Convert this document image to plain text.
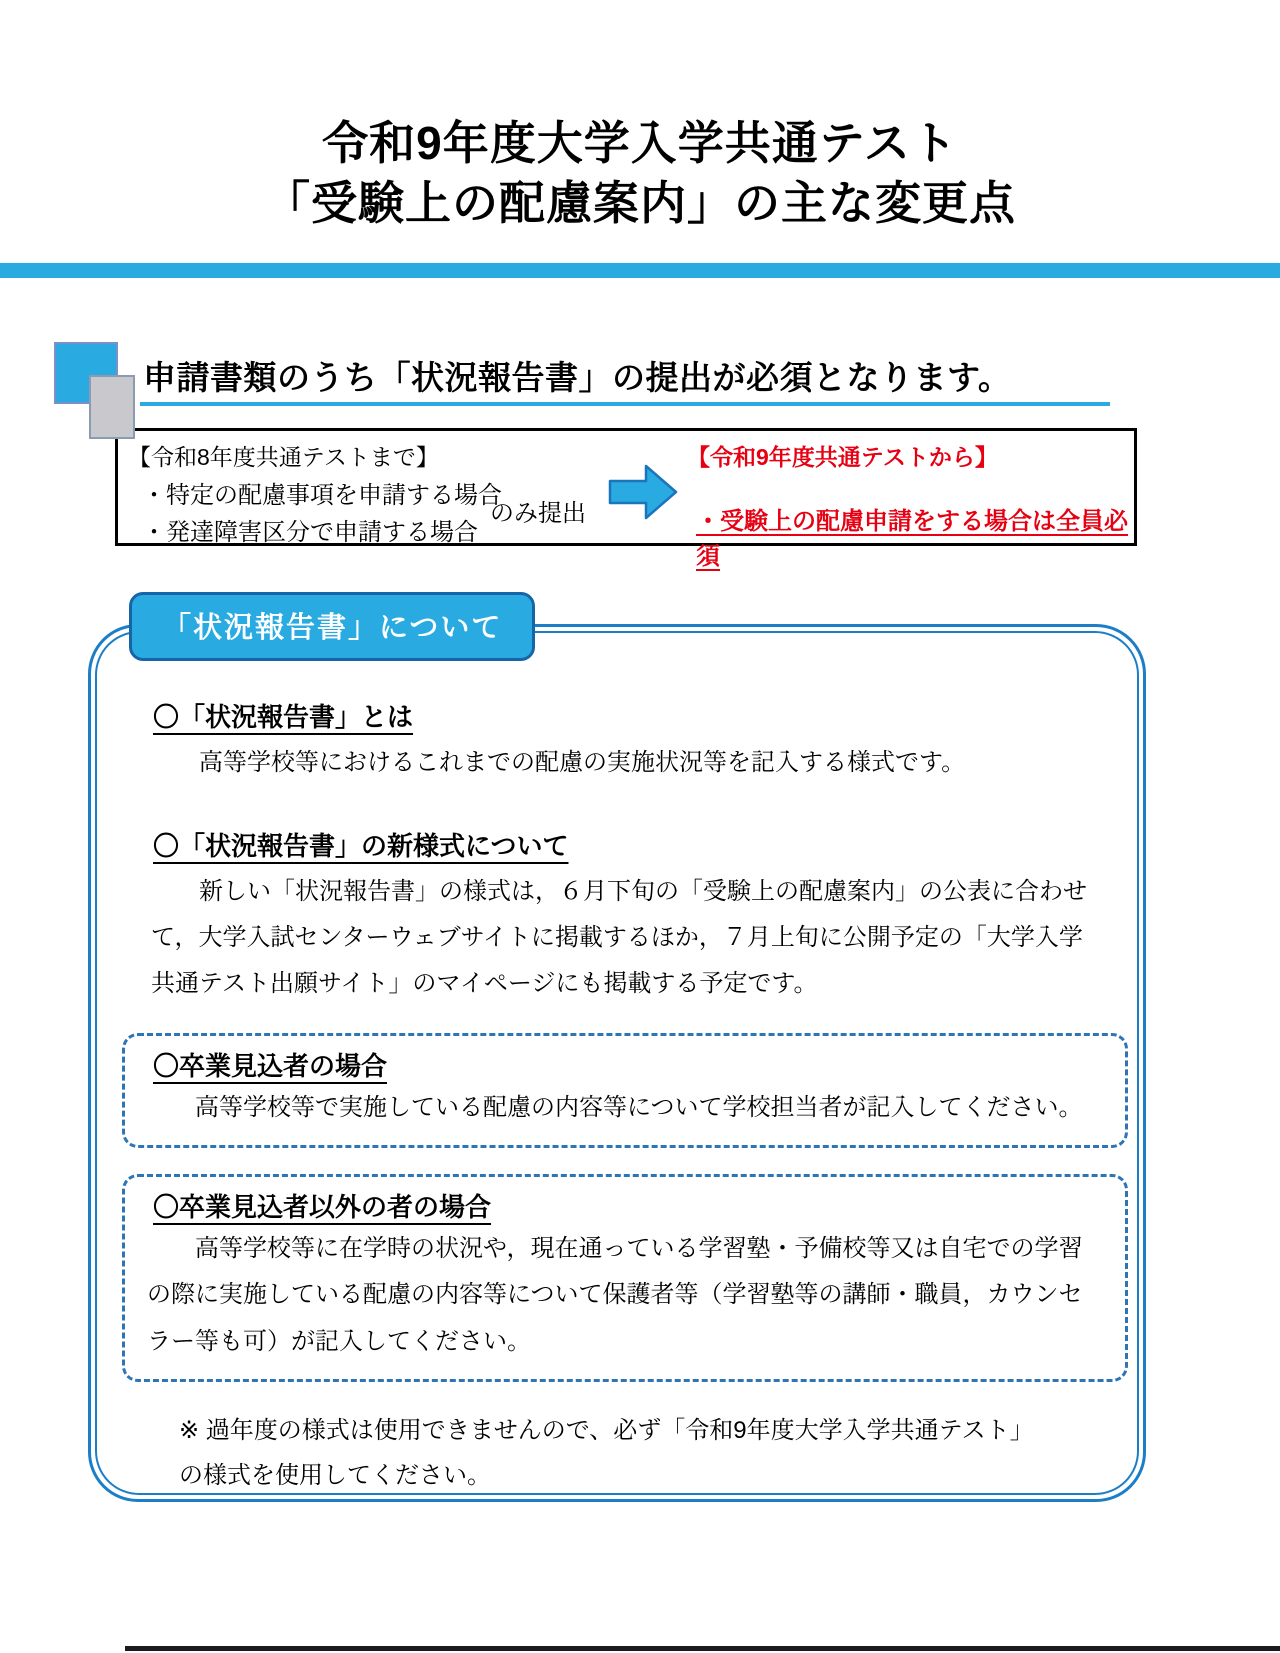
令和9年度大学入学共通テスト
「受験上の配慮案内」の主な変更点
申請書類のうち「状況報告書」の提出が必須となります。
【令和8年度共通テストまで】
・特定の配慮事項を申請する場合
・発達障害区分で申請する場合
のみ提出
【令和9年度共通テストから】
・受験上の配慮申請をする場合は全員必須
「状況報告書」について
〇「状況報告書」とは

高等学校等におけるこれまでの配慮の実施状況等を記入する様式です。

〇「状況報告書」の新様式について

新しい「状況報告書」の様式は，６月下旬の「受験上の配慮案内」の公表に合わせて，大学入試センターウェブサイトに掲載するほか，７月上旬に公開予定の「大学入学共通テスト出願サイト」のマイページにも掲載する予定です。

〇卒業見込者の場合

高等学校等で実施している配慮の内容等について学校担当者が記入してください。

〇卒業見込者以外の者の場合

高等学校等に在学時の状況や，現在通っている学習塾・予備校等又は自宅での学習の際に実施している配慮の内容等について保護者等（学習塾等の講師・職員，カウンセラー等も可）が記入してください。

※ 過年度の様式は使用できませんので、必ず「令和9年度大学入学共通テスト」の様式を使用してください。
